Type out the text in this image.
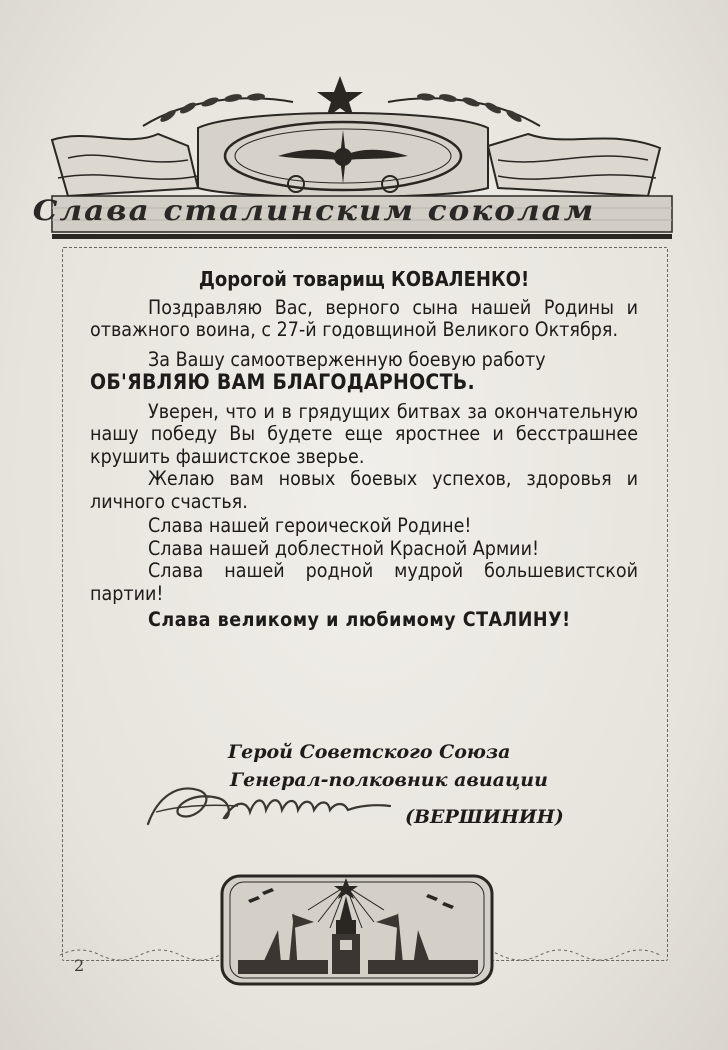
Слава сталинским соколам
Дорогой товарищ КОВАЛЕНКО!

Поздравляю Вас, верного сына нашей Родины и отважного воина, с 27-й годовщиной Великого Октября.

За Вашу самоотверженную боевую работу

ОБ'ЯВЛЯЮ ВАМ БЛАГОДАРНОСТЬ.

Уверен, что и в грядущих битвах за окончательную нашу победу Вы будете еще яростнее и бесстрашнее крушить фашистское зверье.

Желаю вам новых боевых успехов, здоровья и личного счастья.

Слава нашей героической Родине!

Слава нашей доблестной Красной Армии!

Слава нашей родной мудрой большевистской партии!

Слава великому и любимому СТАЛИНУ!

Герой Советского Союза
Генерал-полковник авиации
(ВЕРШИНИН)
2
